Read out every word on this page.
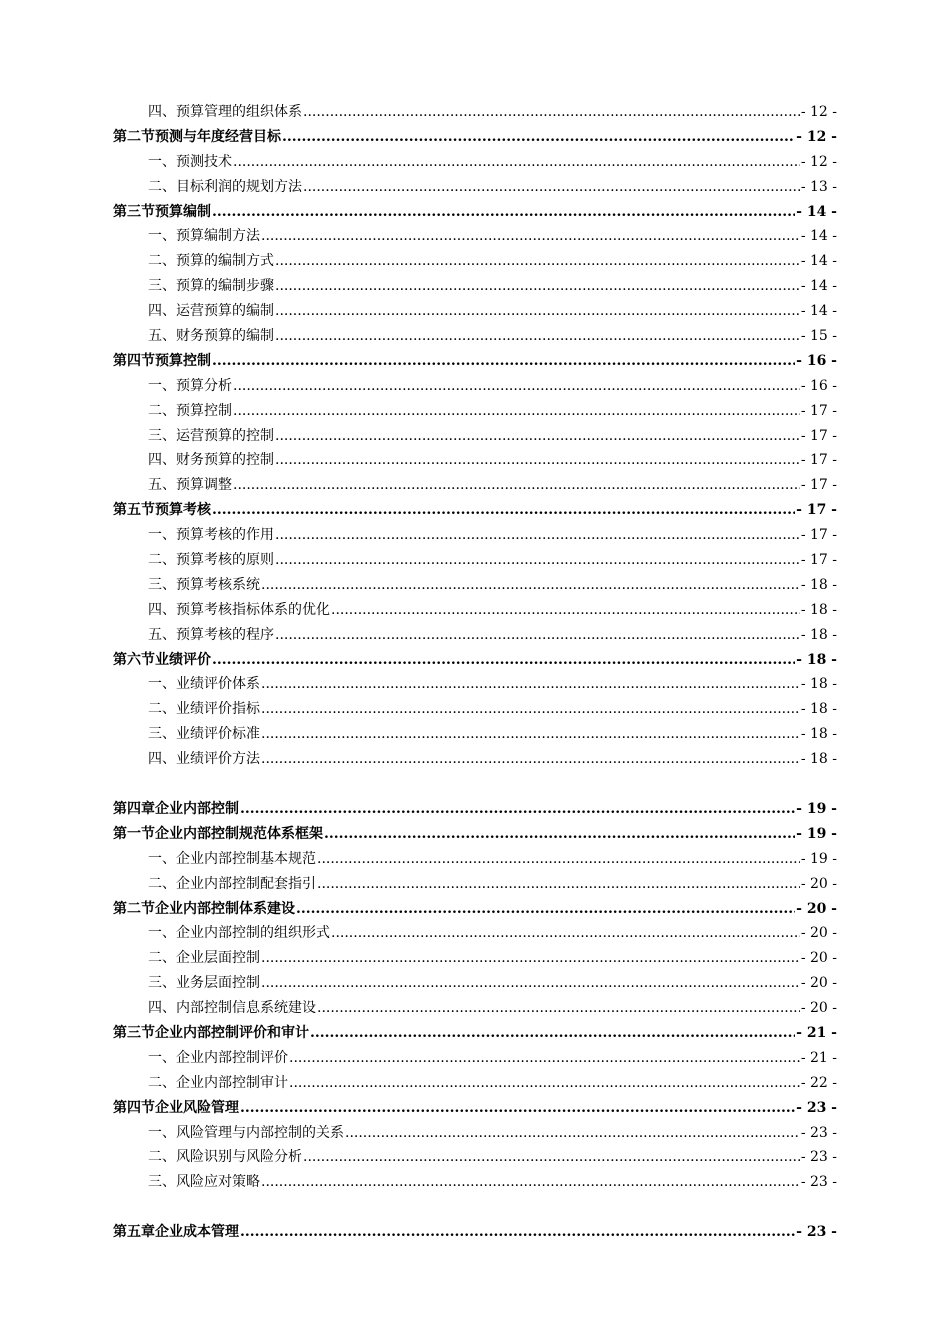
四、 预算管理的组织体系 .....	- 12 -
第二节 预测与年度经营目标 .....	- 12 -
一、 预测技术 .....	- 12 -
二、 目标利润的规划方法 .....	- 13 -
第三节 预算编制 .....	- 14 -
一、 预算编制方法 .....	- 14 -
二、 预算的编制方式 .....	- 14 -
三、 预算的编制步骤 .....	- 14 -
四、 运营预算的编制 .....	- 14 -
五、 财务预算的编制 .....	- 15 -
第四节 预算控制 .....	- 16 -
一、 预算分析 .....	- 16 -
二、 预算控制 .....	- 17 -
三、 运营预算的控制 .....	- 17 -
四、 财务预算的控制 .....	- 17 -
五、 预算调整 .....	- 17 -
第五节 预算考核 .....	- 17 -
一、 预算考核的作用 .....	- 17 -
二、 预算考核的原则 .....	- 17 -
三、 预算考核系统 .....	- 18 -
四、 预算考核指标体系的优化 .....	- 18 -
五、 预算考核的程序 .....	- 18 -
第六节 业绩评价 .....	- 18 -
一、 业绩评价体系 .....	- 18 -
二、 业绩评价指标 .....	- 18 -
三、 业绩评价标准 .....	- 18 -
四、 业绩评价方法 .....	- 18 -
第四章 企业内部控制 .....	- 19 -
第一节 企业内部控制规范体系框架 .....	- 19 -
一、 企业内部控制基本规范 .....	- 19 -
二、 企业内部控制配套指引 .....	- 20 -
第二节 企业内部控制体系建设 .....	- 20 -
一、 企业内部控制的组织形式 .....	- 20 -
二、 企业层面控制 .....	- 20 -
三、 业务层面控制 .....	- 20 -
四、 内部控制信息系统建设 .....	- 20 -
第三节 企业内部控制评价和审计 .....	- 21 -
一、 企业内部控制评价 .....	- 21 -
二、 企业内部控制审计 .....	- 22 -
第四节 企业风险管理 .....	- 23 -
一、 风险管理与内部控制的关系 .....	- 23 -
二、 风险识别与风险分析 .....	- 23 -
三、 风险应对策略 .....	- 23 -
第五章 企业成本管理 .....	- 23 -
